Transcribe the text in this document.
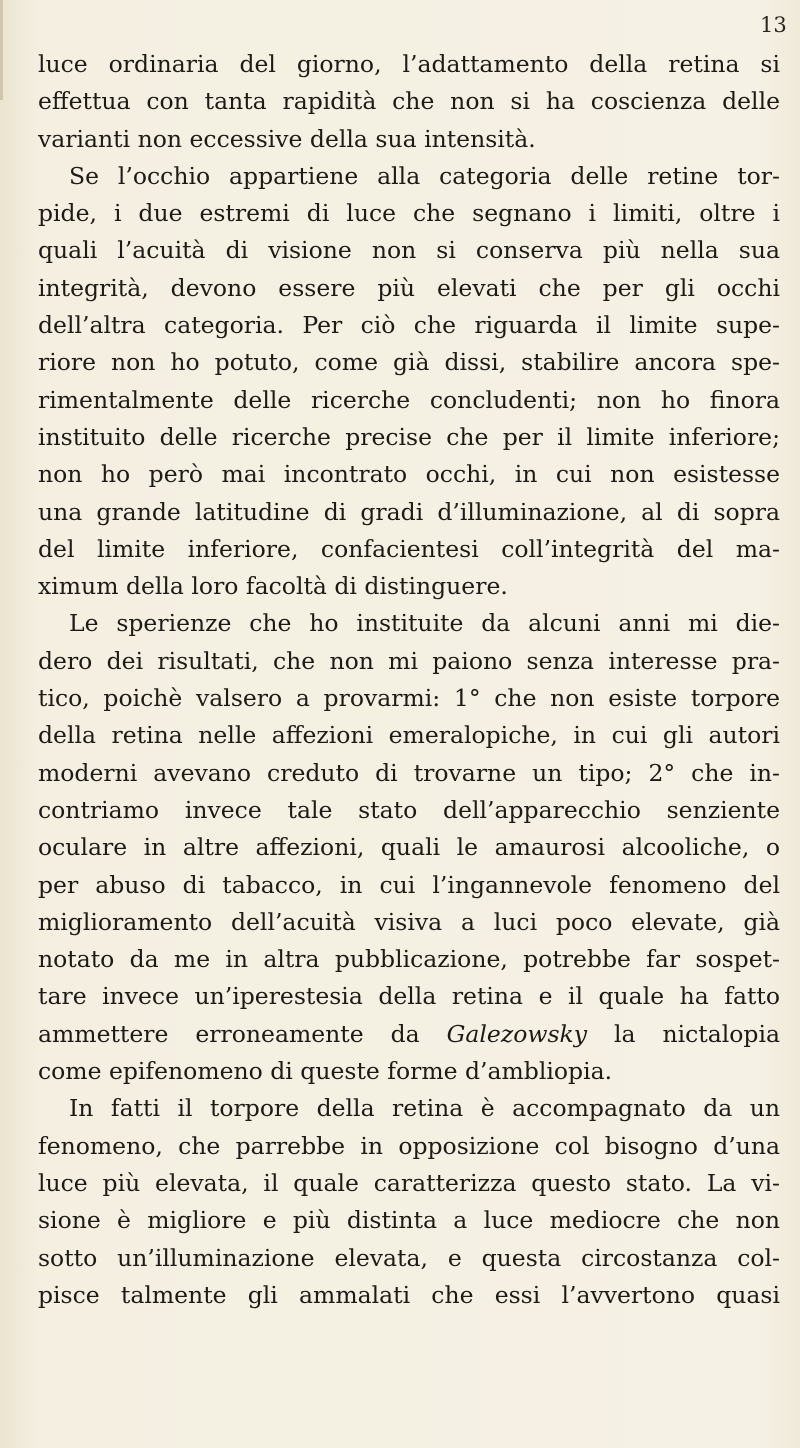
13
luce ordinaria del giorno, l’adattamento della retina si
effettua con tanta rapidità che non si ha coscienza delle
varianti non eccessive della sua intensità.
Se l’occhio appartiene alla categoria delle retine tor-
pide, i due estremi di luce che segnano i limiti, oltre i
quali l’acuità di visione non si conserva più nella sua
integrità, devono essere più elevati che per gli occhi
dell’altra categoria. Per ciò che riguarda il limite supe-
riore non ho potuto, come già dissi, stabilire ancora spe-
rimentalmente delle ricerche concludenti; non ho finora
instituito delle ricerche precise che per il limite inferiore;
non ho però mai incontrato occhi, in cui non esistesse
una grande latitudine di gradi d’illuminazione, al di sopra
del limite inferiore, confacientesi coll’integrità del ma-
ximum della loro facoltà di distinguere.
Le sperienze che ho instituite da alcuni anni mi die-
dero dei risultati, che non mi paiono senza interesse pra-
tico, poichè valsero a provarmi: 1° che non esiste torpore
della retina nelle affezioni emeralopiche, in cui gli autori
moderni avevano creduto di trovarne un tipo; 2° che in-
contriamo invece tale stato dell’apparecchio senziente
oculare in altre affezioni, quali le amaurosi alcooliche, o
per abuso di tabacco, in cui l’ingannevole fenomeno del
miglioramento dell’acuità visiva a luci poco elevate, già
notato da me in altra pubblicazione, potrebbe far sospet-
tare invece un’iperestesia della retina e il quale ha fatto
ammettere erroneamente da Galezowsky la nictalopia
come epifenomeno di queste forme d’ambliopia.
In fatti il torpore della retina è accompagnato da un
fenomeno, che parrebbe in opposizione col bisogno d’una
luce più elevata, il quale caratterizza questo stato. La vi-
sione è migliore e più distinta a luce mediocre che non
sotto un’illuminazione elevata, e questa circostanza col-
pisce talmente gli ammalati che essi l’avvertono quasi
